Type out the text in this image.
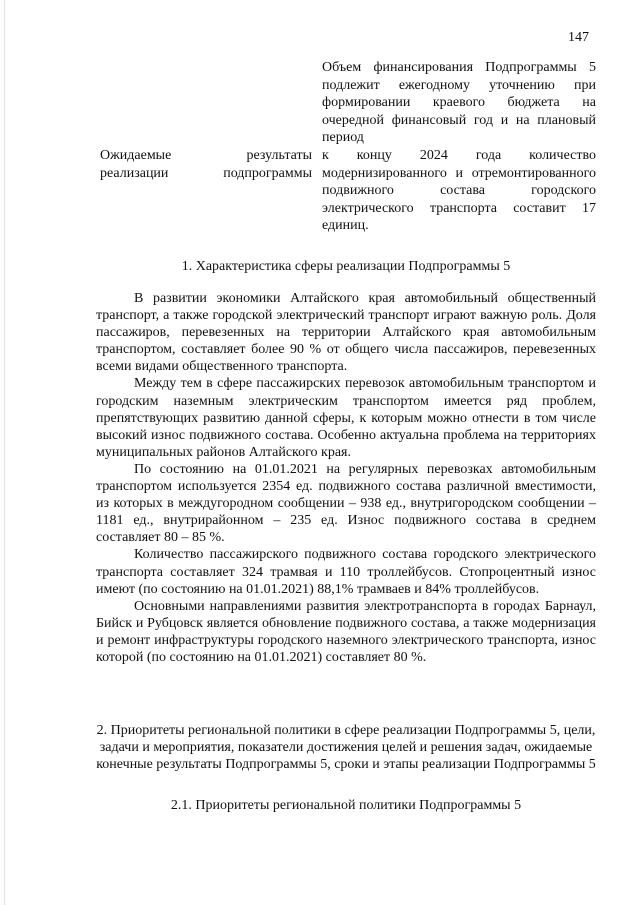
147
Объем финансирования Подпрограммы 5 подлежит ежегодному уточнению при формировании краевого бюджета на очередной финансовый год и на плановый период
Ожидаемые результаты реализации подпрограммы
к концу 2024 года количество модернизированного и отремонтированного подвижного состава городского электрического транспорта составит 17 единиц.
1. Характеристика сферы реализации Подпрограммы 5

В развитии экономики Алтайского края автомобильный общественный транспорт, а также городской электрический транспорт играют важную роль. Доля пассажиров, перевезенных на территории Алтайского края автомобильным транспортом, составляет более 90 % от общего числа пассажиров, перевезенных всеми видами общественного транспорта.

Между тем в сфере пассажирских перевозок автомобильным транспортом и городским наземным электрическим транспортом имеется ряд проблем, препятствующих развитию данной сферы, к которым можно отнести в том числе высокий износ подвижного состава. Особенно актуальна проблема на территориях муниципальных районов Алтайского края.

По состоянию на 01.01.2021 на регулярных перевозках автомобильным транспортом используется 2354 ед. подвижного состава различной вместимости, из которых в междугородном сообщении – 938 ед., внутригородском сообщении – 1181 ед., внутрирайонном – 235 ед. Износ подвижного состава в среднем составляет 80 – 85 %.

Количество пассажирского подвижного состава городского электрического транспорта составляет 324 трамвая и 110 троллейбусов. Стопроцентный износ имеют (по состоянию на 01.01.2021) 88,1% трамваев и 84% троллейбусов.

Основными направлениями развития электротранспорта в городах Барнаул, Бийск и Рубцовск является обновление подвижного состава, а также модернизация и ремонт инфраструктуры городского наземного электрического транспорта, износ которой (по состоянию на 01.01.2021) составляет 80 %.

2. Приоритеты региональной политики в сфере реализации Подпрограммы 5, цели, задачи и мероприятия, показатели достижения целей и решения задач, ожидаемые конечные результаты Подпрограммы 5, сроки и этапы реализации Подпрограммы 5
2.1. Приоритеты региональной политики Подпрограммы 5
